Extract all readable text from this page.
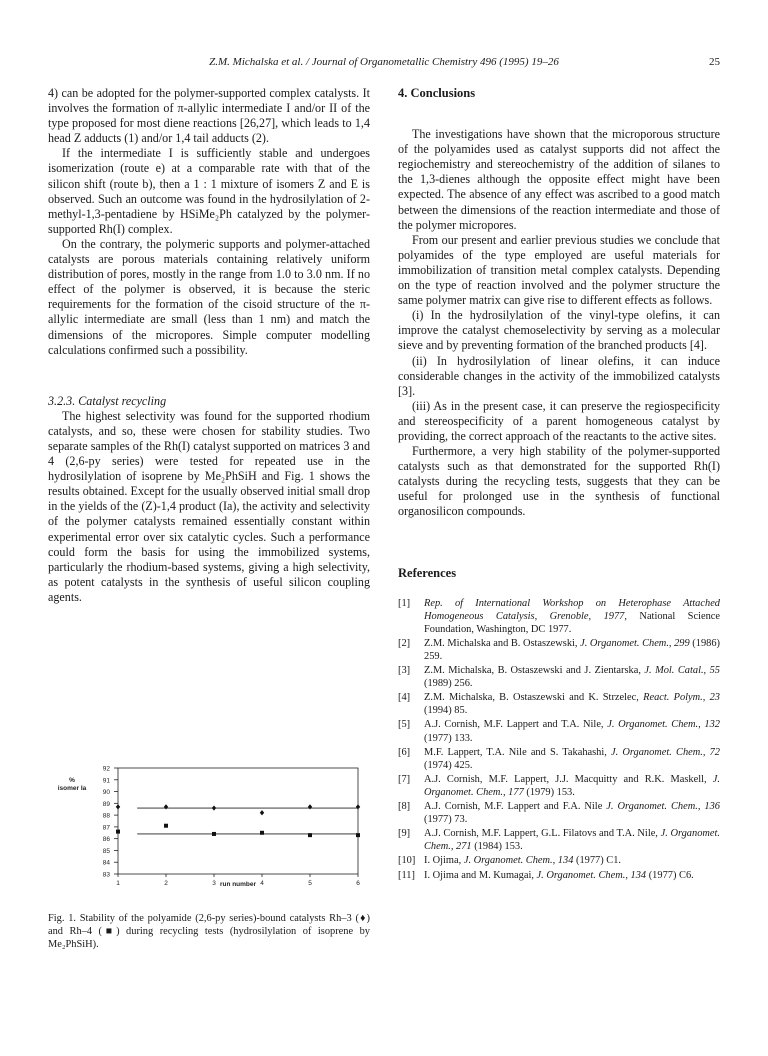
Z.M. Michalska et al. / Journal of Organometallic Chemistry 496 (1995) 19–26	25

4) can be adopted for the polymer-supported complex catalysts. It involves the formation of π-allylic intermediate I and/or II of the type proposed for most diene reactions [26,27], which leads to 1,4 head Z adducts (1) and/or 1,4 tail adducts (2).

If the intermediate I is sufficiently stable and undergoes isomerization (route e) at a comparable rate with that of the silicon shift (route b), then a 1 : 1 mixture of isomers Z and E is observed. Such an outcome was found in the hydrosilylation of 2-methyl-1,3-pentadiene by HSiMe₂Ph catalyzed by the polymer-supported Rh(I) complex.

On the contrary, the polymeric supports and polymer-attached catalysts are porous materials containing relatively uniform distribution of pores, mostly in the range from 1.0 to 3.0 nm. If no effect of the polymer is observed, it is because the steric requirements for the formation of the cisoid structure of the π-allylic intermediate are small (less than 1 nm) and match the dimensions of the micropores. Simple computer modelling calculations confirmed such a possibility.

3.2.3. Catalyst recycling

The highest selectivity was found for the supported rhodium catalysts, and so, these were chosen for stability studies. Two separate samples of the Rh(I) catalyst supported on matrices 3 and 4 (2,6-py series) were tested for repeated use in the hydrosilylation of isoprene by Me₂PhSiH and Fig. 1 shows the results obtained. Except for the usually observed initial small drop in the yields of the (Z)-1,4 product (Ia), the activity and selectivity of the polymer catalysts remained essentially constant within experimental error over six catalytic cycles. Such a performance could form the basis for using the immobilized systems, particularly the rhodium-based systems, giving a high selectivity, as potent catalysts in the synthesis of useful silicon coupling agents.

83
84
85
86
87
88
89
90
91
92
1	2	3	4	5	6
%
isomer Ia
run number
Fig. 1. Stability of the polyamide (2,6-py series)-bound catalysts Rh–3 (♦) and Rh–4 (■) during recycling tests (hydrosilylation of isoprene by Me₂PhSiH).
4. Conclusions

The investigations have shown that the microporous structure of the polyamides used as catalyst supports did not affect the regiochemistry and stereochemistry of the addition of silanes to the 1,3-dienes although the opposite effect might have been expected. The absence of any effect was ascribed to a good match between the dimensions of the reaction intermediate and those of the polymer micropores.

From our present and earlier previous studies we conclude that polyamides of the type employed are useful materials for immobilization of transition metal complex catalysts. Depending on the type of reaction involved and the polymer structure the same polymer matrix can give rise to different effects as follows.

(i) In the hydrosilylation of the vinyl-type olefins, it can improve the catalyst chemoselectivity by serving as a molecular sieve and by preventing formation of the branched products [4].

(ii) In hydrosilylation of linear olefins, it can induce considerable changes in the activity of the immobilized catalysts [3].

(iii) As in the present case, it can preserve the regiospecificity and stereospecificity of a parent homogeneous catalyst by providing, the correct approach of the reactants to the active sites.

Furthermore, a very high stability of the polymer-supported catalysts such as that demonstrated for the supported Rh(I) catalysts during the recycling tests, suggests that they can be useful for prolonged use in the synthesis of functional organosilicon compounds.

References
[1] Rep. of International Workshop on Heterophase Attached Homogeneous Catalysis, Grenoble, 1977, National Science Foundation, Washington, DC 1977.
[2] Z.M. Michalska and B. Ostaszewski, J. Organomet. Chem., 299 (1986) 259.
[3] Z.M. Michalska, B. Ostaszewski and J. Zientarska, J. Mol. Catal., 55 (1989) 256.
[4] Z.M. Michalska, B. Ostaszewski and K. Strzelec, React. Polym., 23 (1994) 85.
[5] A.J. Cornish, M.F. Lappert and T.A. Nile, J. Organomet. Chem., 132 (1977) 133.
[6] M.F. Lappert, T.A. Nile and S. Takahashi, J. Organomet. Chem., 72 (1974) 425.
[7] A.J. Cornish, M.F. Lappert, J.J. Macquitty and R.K. Maskell, J. Organomet. Chem., 177 (1979) 153.
[8] A.J. Cornish, M.F. Lappert and F.A. Nile J. Organomet. Chem., 136 (1977) 73.
[9] A.J. Cornish, M.F. Lappert, G.L. Filatovs and T.A. Nile, J. Organomet. Chem., 271 (1984) 153.
[10] I. Ojima, J. Organomet. Chem., 134 (1977) C1.
[11] I. Ojima and M. Kumagai, J. Organomet. Chem., 134 (1977) C6.
